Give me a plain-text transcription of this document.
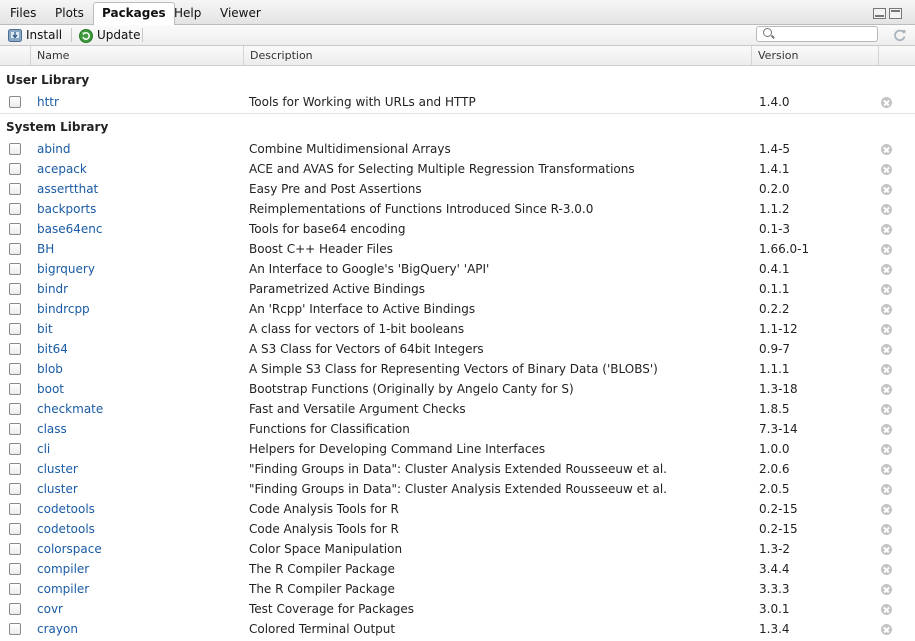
Files	Plots	Packages Help	Viewer
Install	Update
Name	Description	Version
User Library
httr	Tools for Working with URLs and HTTP	1.4.0
System Library
abind	Combine Multidimensional Arrays	1.4-5
acepack	ACE and AVAS for Selecting Multiple Regression Transformations	1.4.1
assertthat	Easy Pre and Post Assertions	0.2.0
backports	Reimplementations of Functions Introduced Since R-3.0.0	1.1.2
base64enc	Tools for base64 encoding	0.1-3
BH	Boost C++ Header Files	1.66.0-1
bigrquery	An Interface to Google's 'BigQuery' 'API'	0.4.1
bindr	Parametrized Active Bindings	0.1.1
bindrcpp	An 'Rcpp' Interface to Active Bindings	0.2.2
bit	A class for vectors of 1-bit booleans	1.1-12
bit64	A S3 Class for Vectors of 64bit Integers	0.9-7
blob	A Simple S3 Class for Representing Vectors of Binary Data ('BLOBS')	1.1.1
boot	Bootstrap Functions (Originally by Angelo Canty for S)	1.3-18
checkmate	Fast and Versatile Argument Checks	1.8.5
class	Functions for Classification	7.3-14
cli	Helpers for Developing Command Line Interfaces	1.0.0
cluster	"Finding Groups in Data": Cluster Analysis Extended Rousseeuw et al.	2.0.6
cluster	"Finding Groups in Data": Cluster Analysis Extended Rousseeuw et al.	2.0.5
codetools	Code Analysis Tools for R	0.2-15
codetools	Code Analysis Tools for R	0.2-15
colorspace	Color Space Manipulation	1.3-2
compiler	The R Compiler Package	3.4.4
compiler	The R Compiler Package	3.3.3
covr	Test Coverage for Packages	3.0.1
crayon	Colored Terminal Output	1.3.4
